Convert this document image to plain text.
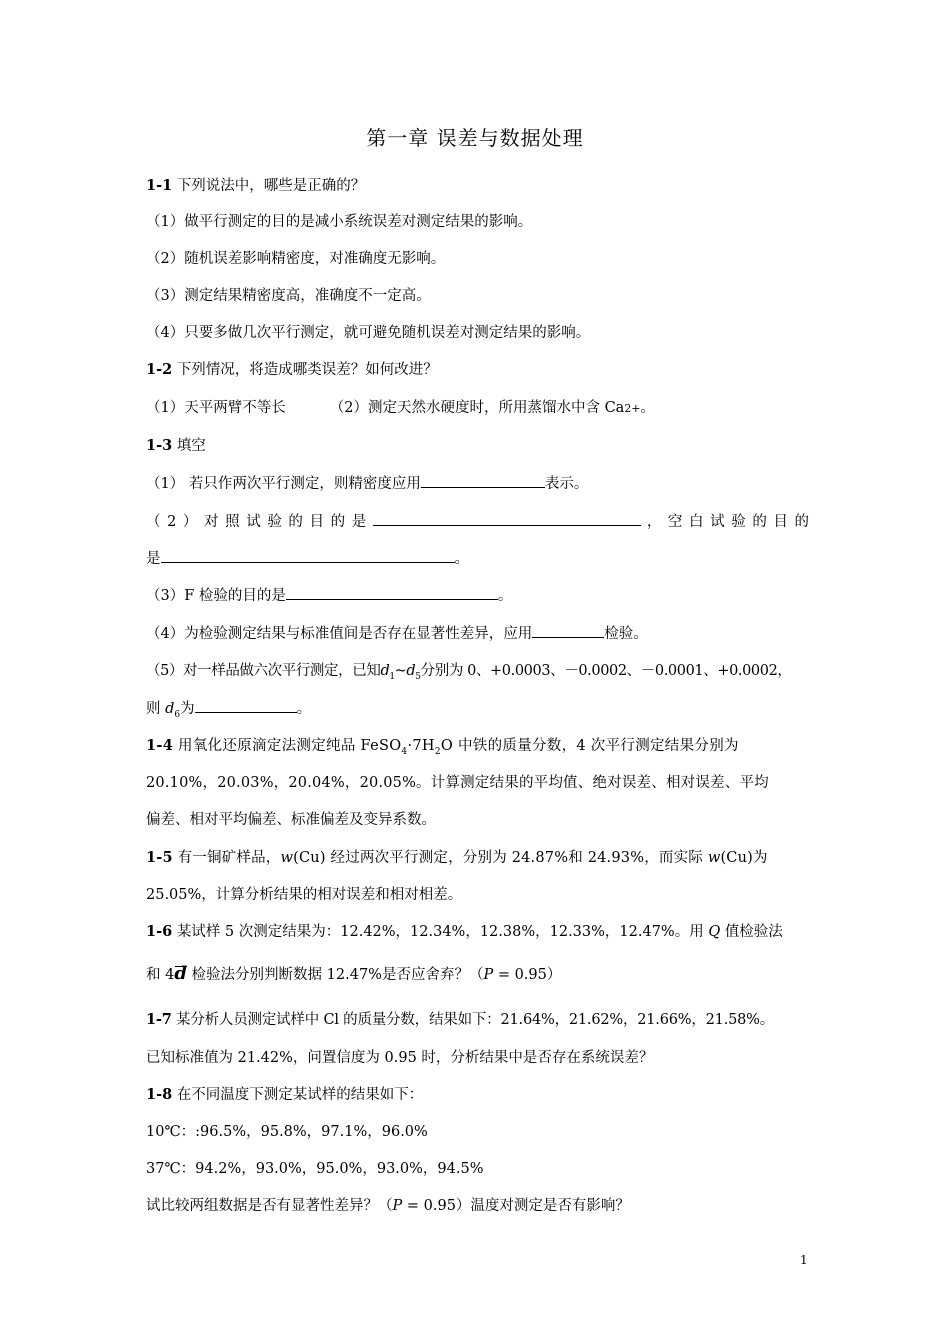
第一章 误差与数据处理
1-1 下列说法中，哪些是正确的？
（1）做平行测定的目的是减小系统误差对测定结果的影响。
（2）随机误差影响精密度，对准确度无影响。
（3）测定结果精密度高，准确度不一定高。
（4）只要多做几次平行测定，就可避免随机误差对测定结果的影响。
1-2 下列情况，将造成哪类误差？如何改进？
（1）天平两臂不等长	（2）测定天然水硬度时，所用蒸馏水中含 Ca2+。
1-3 填空
（1） 若只作两次平行测定，则精密度应用	表示。
（2）对照试验的目的是	，空白试验的目的
是	。
（3）F 检验的目的是	。
（4）为检验测定结果与标准值间是否存在显著性差异，应用	检验。
（5）对一样品做六次平行测定，已知$d_1\sim d_5$分别为 0、+0.0003、－0.0002、－0.0001、+0.0002，
则 $d_6$为	。
1-4 用氧化还原滴定法测定纯品 $FeSO_4\cdot 7H_2O$ 中铁的质量分数，4 次平行测定结果分别为
20.10%，20.03%，20.04%，20.05%。计算测定结果的平均值、绝对误差、相对误差、平均
偏差、相对平均偏差、标准偏差及变异系数。
1-5 有一铜矿样品，w(Cu) 经过两次平行测定，分别为 24.87%和 24.93%，而实际 w(Cu)为
25.05%，计算分析结果的相对误差和相对相差。
1-6 某试样 5 次测定结果为：12.42%，12.34%，12.38%，12.33%，12.47%。用 Q 值检验法
和 4d 检验法分别判断数据 12.47%是否应舍弃？（P = 0.95）
1-7 某分析人员测定试样中 Cl 的质量分数，结果如下：21.64%，21.62%，21.66%，21.58%。
已知标准值为 21.42%，问置信度为 0.95 时，分析结果中是否存在系统误差？
1-8 在不同温度下测定某试样的结果如下：
10℃：:96.5%，95.8%，97.1%，96.0%
37℃：94.2%，93.0%，95.0%，93.0%，94.5%
试比较两组数据是否有显著性差异？（P = 0.95）温度对测定是否有影响？
1
